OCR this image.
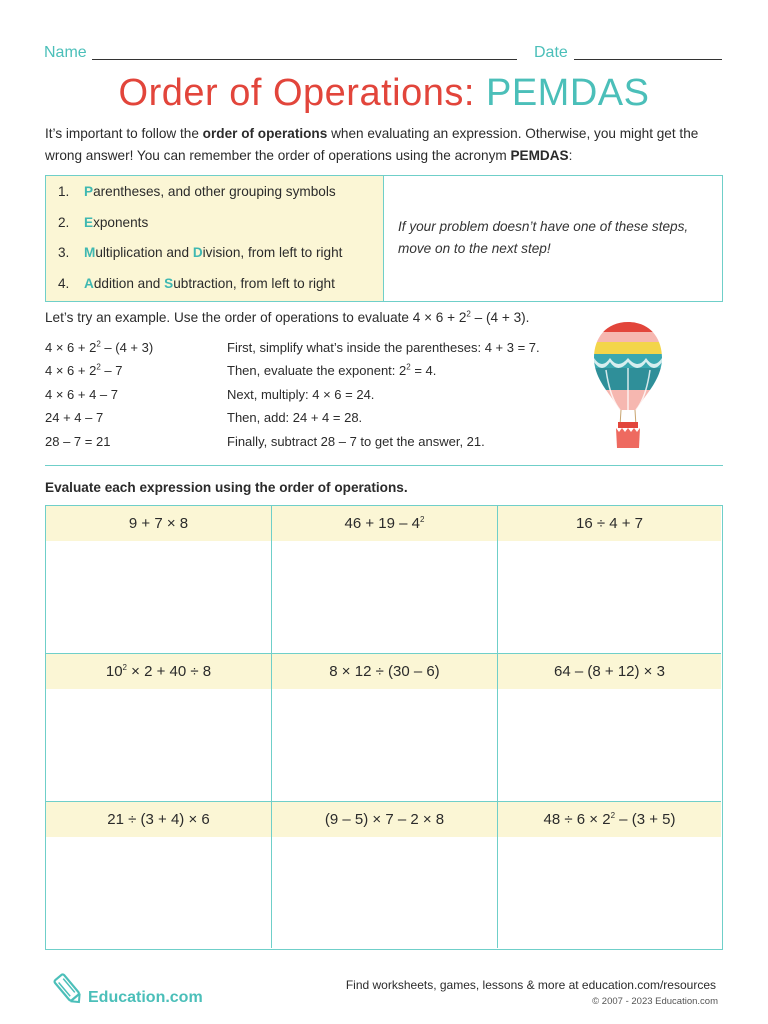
Name	Date
Order of Operations: PEMDAS

It’s important to follow the order of operations when evaluating an expression. Otherwise, you might get the wrong answer! You can remember the order of operations using the acronym PEMDAS:

1. Parentheses, and other grouping symbols
2. Exponents
3. Multiplication and Division, from left to right
4. Addition and Subtraction, from left to right
If your problem doesn’t have one of these steps, move on to the next step!
Let’s try an example. Use the order of operations to evaluate $4 \times 6 + 2^2 - (4 + 3)$.
$4 \times 6 + 2^2 - (4 + 3)$	First, simplify what’s inside the parentheses: 4 + 3 = 7.
$4 \times 6 + 2^2 - 7$	Then, evaluate the exponent: $2^2 = 4$.
4 × 6 + 4 – 7	Next, multiply: 4 × 6 = 24.
24 + 4 – 7	Then, add: 24 + 4 = 28.
28 – 7 = 21	Finally, subtract 28 – 7 to get the answer, 21.
Evaluate each expression using the order of operations.
9 + 7 × 8	$46 + 19 - 4^2$	16 ÷ 4 + 7
$10^2 \times 2 + 40 \div 8$	8 × 12 ÷ (30 – 6)	64 – (8 + 12) × 3
21 ÷ (3 + 4) × 6	(9 – 5) × 7 – 2 × 8	$48 \div 6 \times 2^2 - (3 + 5)$
Education.com
Find worksheets, games, lessons & more at education.com/resources
© 2007 - 2023 Education.com
